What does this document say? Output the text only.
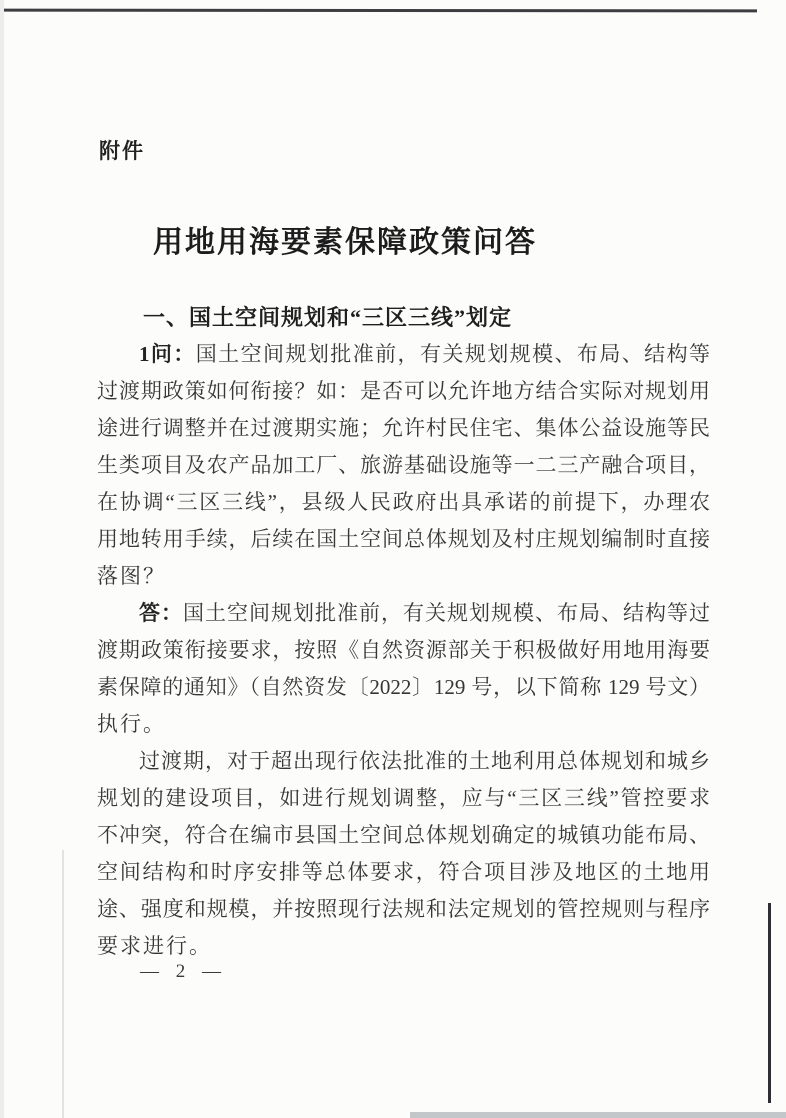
附件
用地用海要素保障政策问答
一、国土空间规划和“三区三线”划定
1问：国土空间规划批准前，有关规划规模、布局、结构等
过渡期政策如何衔接？如：是否可以允许地方结合实际对规划用
途进行调整并在过渡期实施；允许村民住宅、集体公益设施等民
生类项目及农产品加工厂、旅游基础设施等一二三产融合项目，
在协调“三区三线”，县级人民政府出具承诺的前提下，办理农
用地转用手续，后续在国土空间总体规划及村庄规划编制时直接
落图？
答：国土空间规划批准前，有关规划规模、布局、结构等过
渡期政策衔接要求，按照《自然资源部关于积极做好用地用海要
素保障的通知》（自然资发〔2022〕129 号，以下简称 129 号文）
执行。
过渡期，对于超出现行依法批准的土地利用总体规划和城乡
规划的建设项目，如进行规划调整，应与“三区三线”管控要求
不冲突，符合在编市县国土空间总体规划确定的城镇功能布局、
空间结构和时序安排等总体要求，符合项目涉及地区的土地用
途、强度和规模，并按照现行法规和法定规划的管控规则与程序
要求进行。
— 2 —
